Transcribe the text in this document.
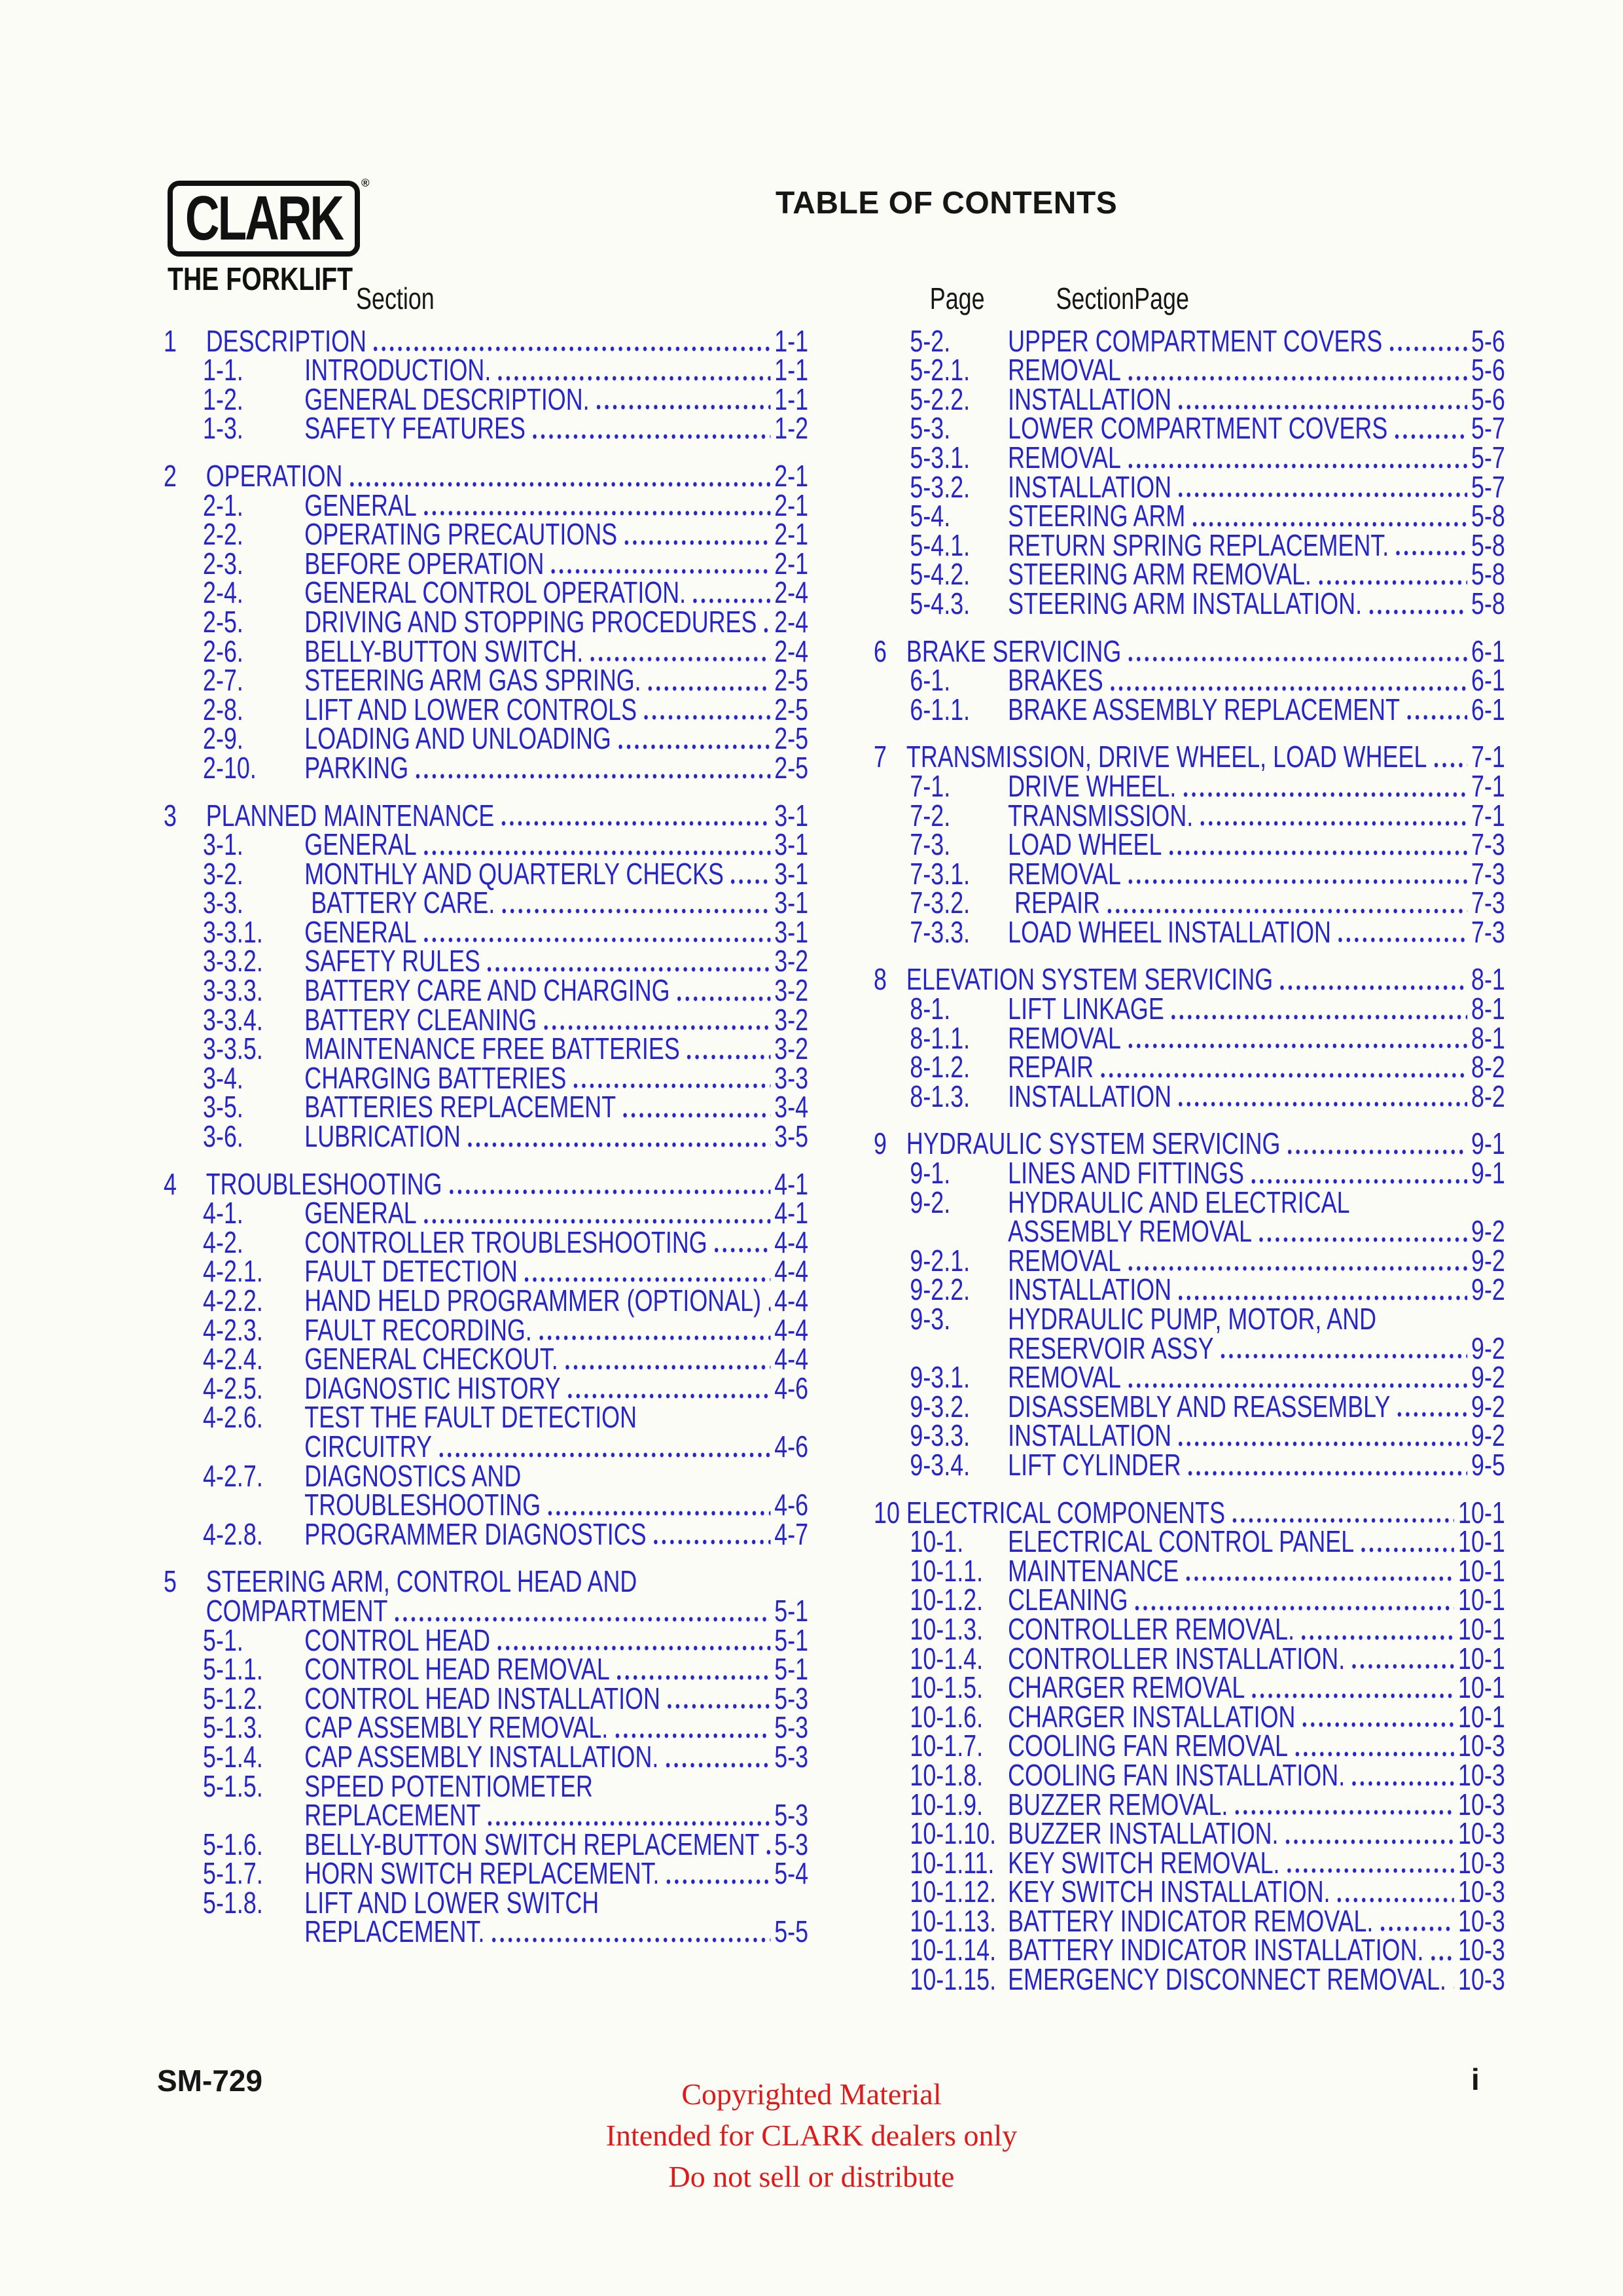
CLARK
®
THE FORKLIFT
TABLE OF CONTENTS
Section
1 DESCRIPTION	1-1
1-1.	INTRODUCTION.	1-1
1-2.	GENERAL DESCRIPTION.	1-1
1-3.	SAFETY FEATURES	1-2
2 OPERATION	2-1
2-1.	GENERAL	2-1
2-2.	OPERATING PRECAUTIONS	2-1
2-3.	BEFORE OPERATION	2-1
2-4.	GENERAL CONTROL OPERATION.	2-4
2-5.	DRIVING AND STOPPING PROCEDURES 2-4
2-6.	BELLY-BUTTON SWITCH.	2-4
2-7.	STEERING ARM GAS SPRING.	2-5
2-8.	LIFT AND LOWER CONTROLS	2-5
2-9.	LOADING AND UNLOADING	2-5
2-10.	PARKING	2-5
3 PLANNED MAINTENANCE	3-1
3-1.	GENERAL	3-1
3-2.	MONTHLY AND QUARTERLY CHECKS 3-1
3-3.	BATTERY CARE.	3-1
3-3.1.	GENERAL	3-1
3-3.2.	SAFETY RULES	3-2
3-3.3.	BATTERY CARE AND CHARGING	3-2
3-3.4.	BATTERY CLEANING	3-2
3-3.5.	MAINTENANCE FREE BATTERIES	3-2
3-4.	CHARGING BATTERIES	3-3
3-5.	BATTERIES REPLACEMENT	3-4
3-6.	LUBRICATION	3-5
4 TROUBLESHOOTING	4-1
4-1.	GENERAL	4-1
4-2.	CONTROLLER TROUBLESHOOTING 4-4
4-2.1.	FAULT DETECTION	4-4
4-2.2.	HAND HELD PROGRAMMER (OPTIONAL) 4-4
4-2.3.	FAULT RECORDING.	4-4
4-2.4.	GENERAL CHECKOUT.	4-4
4-2.5.	DIAGNOSTIC HISTORY	4-6
4-2.6.	TEST THE FAULT DETECTION
CIRCUITRY	4-6
4-2.7.	DIAGNOSTICS AND
TROUBLESHOOTING	4-6
4-2.8.	PROGRAMMER DIAGNOSTICS	4-7
5 STEERING ARM, CONTROL HEAD AND
COMPARTMENT	5-1
5-1.	CONTROL HEAD	5-1
5-1.1.	CONTROL HEAD REMOVAL	5-1
5-1.2.	CONTROL HEAD INSTALLATION	5-3
5-1.3.	CAP ASSEMBLY REMOVAL.	5-3
5-1.4.	CAP ASSEMBLY INSTALLATION.	5-3
5-1.5.	SPEED POTENTIOMETER
REPLACEMENT	5-3
5-1.6.	BELLY-BUTTON SWITCH REPLACEMENT 5-3
5-1.7.	HORN SWITCH REPLACEMENT.	5-4
5-1.8.	LIFT AND LOWER SWITCH
REPLACEMENT.	5-5
Page SectionPage
5-2.	UPPER COMPARTMENT COVERS	5-6
5-2.1.	REMOVAL	5-6
5-2.2.	INSTALLATION	5-6
5-3.	LOWER COMPARTMENT COVERS	5-7
5-3.1.	REMOVAL	5-7
5-3.2.	INSTALLATION	5-7
5-4.	STEERING ARM	5-8
5-4.1.	RETURN SPRING REPLACEMENT.	5-8
5-4.2.	STEERING ARM REMOVAL.	5-8
5-4.3.	STEERING ARM INSTALLATION.	5-8
6 BRAKE SERVICING	6-1
6-1.	BRAKES	6-1
6-1.1.	BRAKE ASSEMBLY REPLACEMENT 6-1
7 TRANSMISSION, DRIVE WHEEL, LOAD WHEEL 7-1
7-1.	DRIVE WHEEL.	7-1
7-2.	TRANSMISSION.	7-1
7-3.	LOAD WHEEL	7-3
7-3.1.	REMOVAL	7-3
7-3.2.	REPAIR	7-3
7-3.3.	LOAD WHEEL INSTALLATION	7-3
8 ELEVATION SYSTEM SERVICING	8-1
8-1.	LIFT LINKAGE	8-1
8-1.1.	REMOVAL	8-1
8-1.2.	REPAIR	8-2
8-1.3.	INSTALLATION	8-2
9 HYDRAULIC SYSTEM SERVICING	9-1
9-1.	LINES AND FITTINGS	9-1
9-2.	HYDRAULIC AND ELECTRICAL
ASSEMBLY REMOVAL	9-2
9-2.1.	REMOVAL	9-2
9-2.2.	INSTALLATION	9-2
9-3.	HYDRAULIC PUMP, MOTOR, AND
RESERVOIR ASSY	9-2
9-3.1.	REMOVAL	9-2
9-3.2.	DISASSEMBLY AND REASSEMBLY	9-2
9-3.3.	INSTALLATION	9-2
9-3.4.	LIFT CYLINDER	9-5
10 ELECTRICAL COMPONENTS	10-1
10-1.	ELECTRICAL CONTROL PANEL	10-1
10-1.1. MAINTENANCE	10-1
10-1.2. CLEANING	10-1
10-1.3. CONTROLLER REMOVAL.	10-1
10-1.4. CONTROLLER INSTALLATION.	10-1
10-1.5. CHARGER REMOVAL	10-1
10-1.6. CHARGER INSTALLATION	10-1
10-1.7. COOLING FAN REMOVAL	10-3
10-1.8. COOLING FAN INSTALLATION.	10-3
10-1.9. BUZZER REMOVAL.	10-3
10-1.10. BUZZER INSTALLATION.	10-3
10-1.11. KEY SWITCH REMOVAL.	10-3
10-1.12. KEY SWITCH INSTALLATION.	10-3
10-1.13. BATTERY INDICATOR REMOVAL.	10-3
10-1.14. BATTERY INDICATOR INSTALLATION. 10-3
10-1.15. EMERGENCY DISCONNECT REMOVAL. 10-3
SM-729	Copyrighted Material
Intended for CLARK dealers only
Do not sell or distribute
i
